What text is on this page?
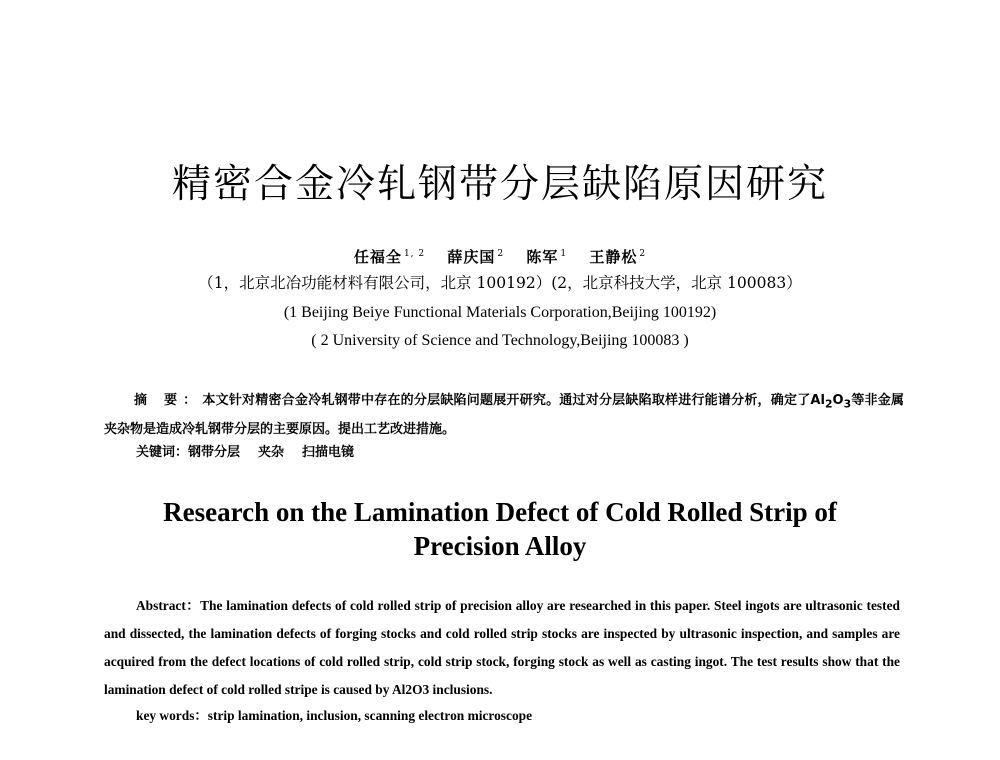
精密合金冷轧钢带分层缺陷原因研究
任福全 $^{1, 2}$ 薛庆国 $^2$ 陈军 $^1$ 王静松 $^2$
（1，北京北冶功能材料有限公司，北京 100192）(2，北京科技大学，北京 100083）
(1 Beijing Beiye Functional Materials Corporation,Beijing 100192)
( 2 University of Science and Technology,Beijing 100083 )
摘 要：本文针对精密合金冷轧钢带中存在的分层缺陷问题展开研究。通过对分层缺陷取样进行能谱分析，确定了$Al_2O_3$等非金属夹杂物是造成冷轧钢带分层的主要原因。提出工艺改进措施。
关键词：钢带分层 夹杂 扫描电镜
Research on the Lamination Defect of Cold Rolled Strip of
Precision Alloy
Abstract：The lamination defects of cold rolled strip of precision alloy are researched in this paper. Steel ingots are ultrasonic tested and dissected, the lamination defects of forging stocks and cold rolled strip stocks are inspected by ultrasonic inspection, and samples are acquired from the defect locations of cold rolled strip, cold strip stock, forging stock as well as casting ingot. The test results show that the lamination defect of cold rolled stripe is caused by Al2O3 inclusions.
key words：strip lamination, inclusion, scanning electron microscope
